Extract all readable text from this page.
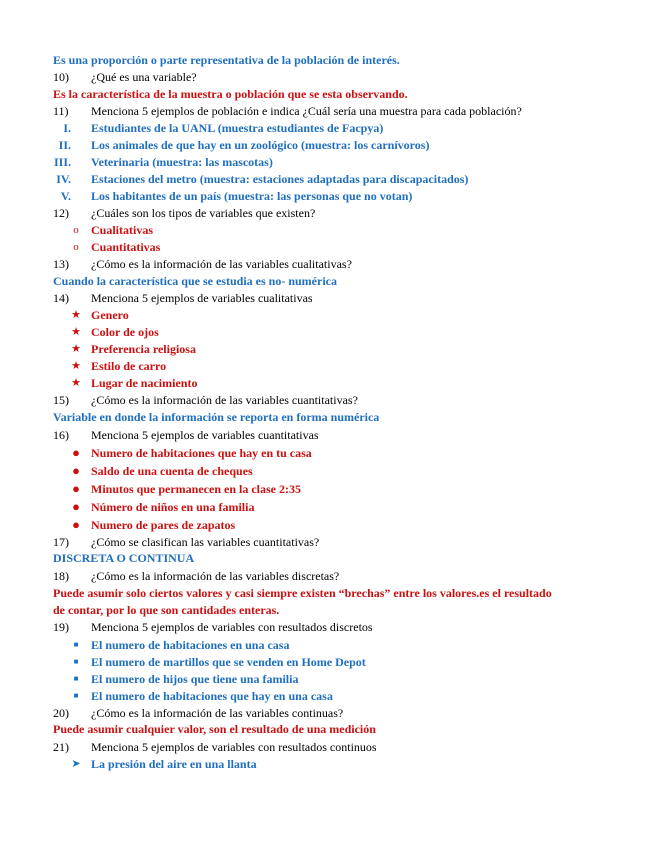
Es una proporción o parte representativa de la población de interés.
10) ¿Qué es una variable?
Es la característica de la muestra o población que se esta observando.
11) Menciona 5 ejemplos de población e indica ¿Cuál sería una muestra para cada población?
I. Estudiantes de la UANL (muestra estudiantes de Facpya)
II. Los animales de que hay en un zoológico (muestra: los carnívoros)
III. Veterinaria (muestra: las mascotas)
IV. Estaciones del metro (muestra: estaciones adaptadas para discapacitados)
V. Los habitantes de un país (muestra: las personas que no votan)
12) ¿Cuáles son los tipos de variables que existen?
o	Cualitativas
o	Cuantitativas
13) ¿Cómo es la información de las variables cualitativas?
Cuando la característica que se estudia es no- numérica
14) Menciona 5 ejemplos de variables cualitativas
★ Genero
★ Color de ojos
★ Preferencia religiosa
★ Estilo de carro
★ Lugar de nacimiento
15) ¿Cómo es la información de las variables cuantitativas?
Variable en donde la información se reporta en forma numérica
16) Menciona 5 ejemplos de variables cuantitativas
● Numero de habitaciones que hay en tu casa
● Saldo de una cuenta de cheques
● Minutos que permanecen en la clase 2:35
● Número de niños en una familia
● Numero de pares de zapatos
17) ¿Cómo se clasifican las variables cuantitativas?
DISCRETA O CONTINUA
18) ¿Cómo es la información de las variables discretas?
Puede asumir solo ciertos valores y casi siempre existen “brechas” entre los valores.es el resultado
de contar, por lo que son cantidades enteras.
19) Menciona 5 ejemplos de variables con resultados discretos
■	El numero de habitaciones en una casa
■	El numero de martillos que se venden en Home Depot
■	El numero de hijos que tiene una familia
■	El numero de habitaciones que hay en una casa
20) ¿Cómo es la información de las variables continuas?
Puede asumir cualquier valor, son el resultado de una medición
21) Menciona 5 ejemplos de variables con resultados continuos
➤ La presión del aire en una llanta
